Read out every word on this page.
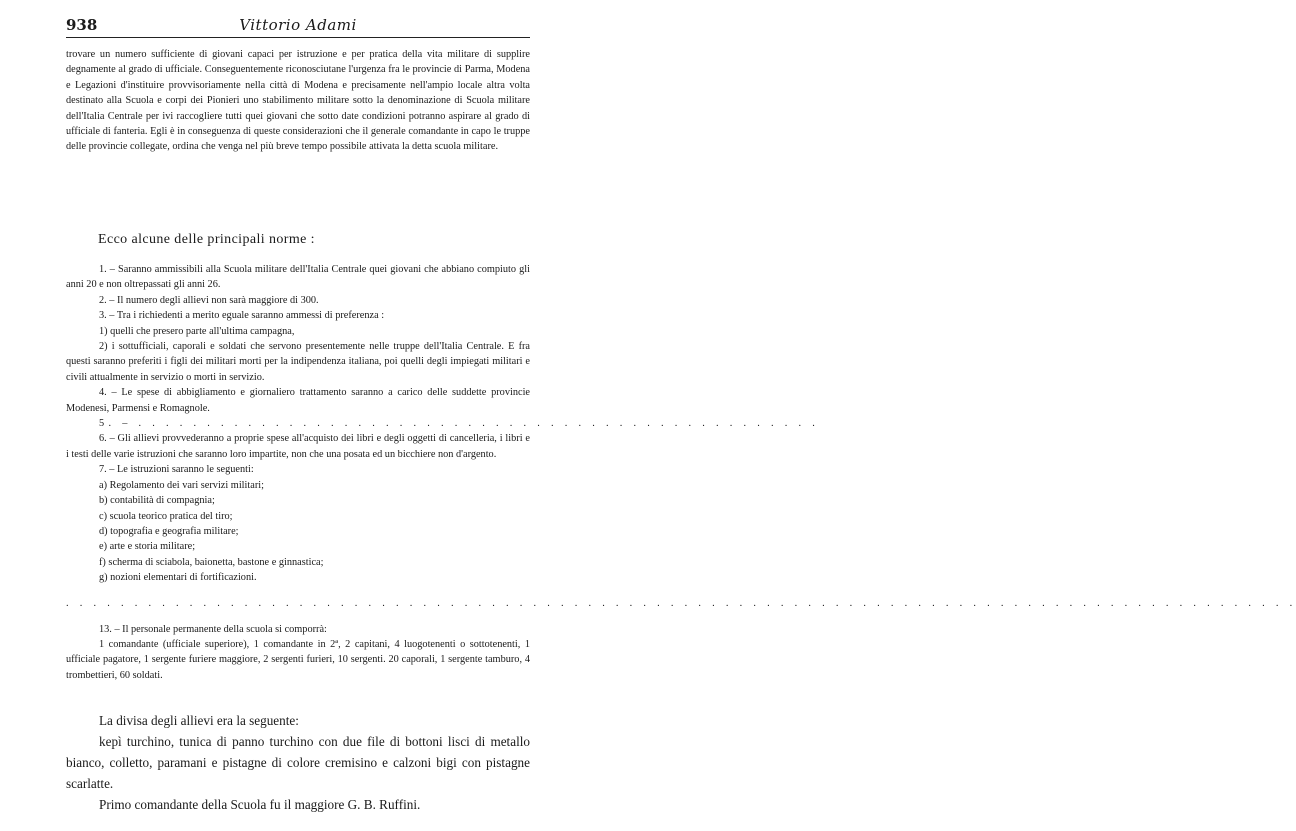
938	Vittorio Adami

trovare un numero sufficiente di giovani capaci per istruzione e per pratica della vita militare di supplire degnamente al grado di ufficiale. Conseguentemente riconosciutane l'urgenza fra le provincie di Parma, Modena e Legazioni d'instituire provvisoriamente nella città di Modena e precisamente nell'ampio locale altra volta destinato alla Scuola e corpi dei Pionieri uno stabilimento militare sotto la denominazione di Scuola militare dell'Italia Centrale per ivi raccogliere tutti quei giovani che sotto date condizioni potranno aspirare al grado di ufficiale di fanteria. Egli è in conseguenza di queste considerazioni che il generale comandante in capo le truppe delle provincie collegate, ordina che venga nel più breve tempo possibile attivata la detta scuola militare.

Ecco alcune delle principali norme :

1. – Saranno ammissibili alla Scuola militare dell'Italia Centrale quei giovani che abbiano compiuto gli anni 20 e non oltrepassati gli anni 26.

2. – Il numero degli allievi non sarà maggiore di 300.

3. – Tra i richiedenti a merito eguale saranno ammessi di preferenza :

1) quelli che presero parte all'ultima campagna,

2) i sottufficiali, caporali e soldati che servono presentemente nelle truppe dell'Italia Centrale. E fra questi saranno preferiti i figli dei militari morti per la indipendenza italiana, poi quelli degli impiegati militari e civili attualmente in servizio o morti in servizio.

4. – Le spese di abbigliamento e giornaliero trattamento saranno a carico delle suddette provincie Modenesi, Parmensi e Romagnole.

5. – . . . . . . . . . . . . . . . . . . . . . . . . . . . . . . . . . . . . . . . . . . . . . . . . . .

6. – Gli allievi provvederanno a proprie spese all'acquisto dei libri e degli oggetti di cancelleria, i libri e i testi delle varie istruzioni che saranno loro impartite, non che una posata ed un bicchiere non d'argento.

7. – Le istruzioni saranno le seguenti:

a) Regolamento dei vari servizi militari;

b) contabilità di compagnia;

c) scuola teorico pratica del tiro;

d) topografia e geografia militare;

e) arte e storia militare;

f) scherma di sciabola, baionetta, bastone e ginnastica;

g) nozioni elementari di fortificazioni.

. . . . . . . . . . . . . . . . . . . . . . . . . . . . . . . . . . . . . . . . . . . . . . . . . . . . . . . . . . . . . . . . . . . . . . . . . . . . . . . . . . . . . . . . . .

13. – Il personale permanente della scuola si comporrà:

1 comandante (ufficiale superiore), 1 comandante in 2ª, 2 capitani, 4 luogotenenti o sottotenenti, 1 ufficiale pagatore, 1 sergente furiere maggiore, 2 sergenti furieri, 10 sergenti. 20 caporali, 1 sergente tamburo, 4 trombettieri, 60 soldati.

La divisa degli allievi era la seguente:

kepì turchino, tunica di panno turchino con due file di bottoni lisci di metallo bianco, colletto, paramani e pistagne di colore cremisino e calzoni bigi con pistagne scarlatte.

Primo comandante della Scuola fu il maggiore G. B. Ruffini.
